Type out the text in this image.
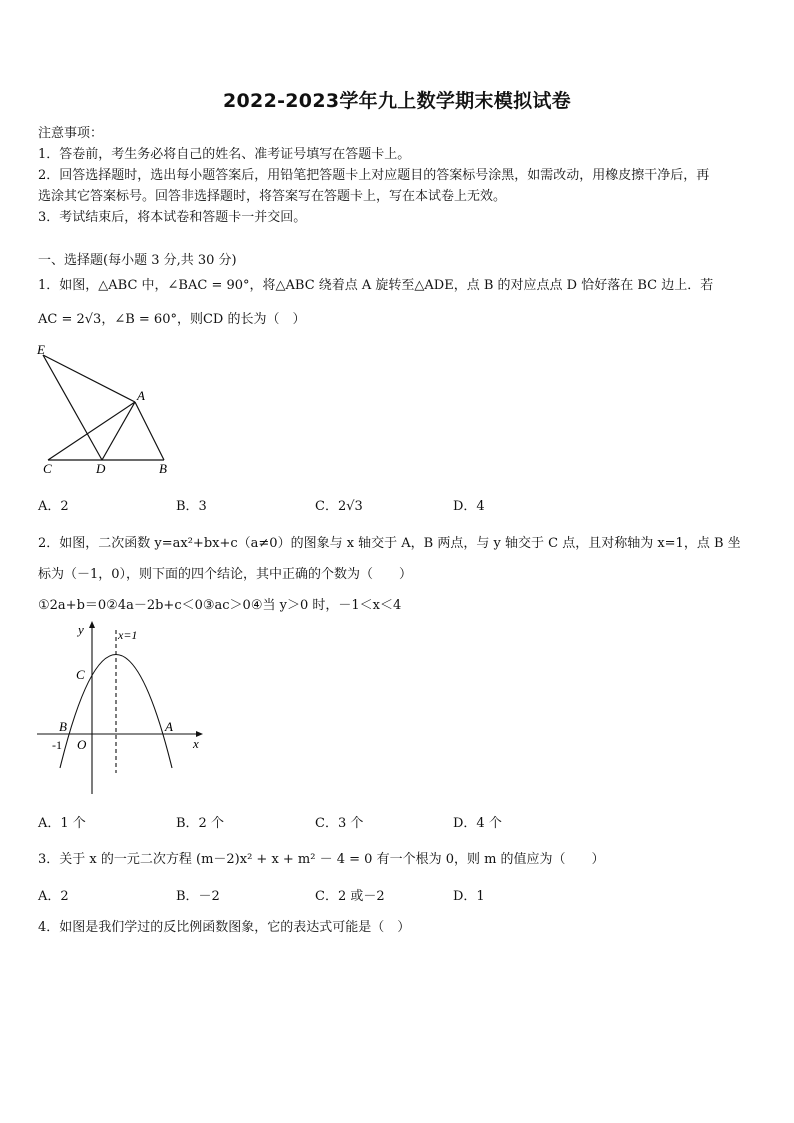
2022-2023学年九上数学期末模拟试卷
注意事项：
1．答卷前，考生务必将自己的姓名、准考证号填写在答题卡上。
2．回答选择题时，选出每小题答案后，用铅笔把答题卡上对应题目的答案标号涂黑，如需改动，用橡皮擦干净后，再
选涂其它答案标号。回答非选择题时，将答案写在答题卡上，写在本试卷上无效。
3．考试结束后，将本试卷和答题卡一并交回。
一、选择题(每小题 3 分,共 30 分)
1．如图，△ABC 中，∠BAC = 90°，将△ABC 绕着点 A 旋转至△ADE，点 B 的对应点点 D 恰好落在 BC 边上．若
AC = 2√3，∠B = 60°，则CD 的长为（　）
E
A
C	D	B
A．2	B．3	C．2√3	D．4
2．如图，二次函数 y=ax²+bx+c（a≠0）的图象与 x 轴交于 A，B 两点，与 y 轴交于 C 点，且对称轴为 x=1，点 B 坐
标为（－1，0），则下面的四个结论，其中正确的个数为（　　）
①2a+b＝0②4a－2b+c＜0③ac＞0④当 y＞0 时，－1＜x＜4
y
x
x=1
C
B	A
O
-1
A．1 个	B．2 个	C．3 个	D．4 个
3．关于 x 的一元二次方程 (m－2)x² + x + m² － 4 = 0 有一个根为 0，则 m 的值应为（　　）
A．2	B．－2	C．2 或－2	D．1
4．如图是我们学过的反比例函数图象，它的表达式可能是（　）
